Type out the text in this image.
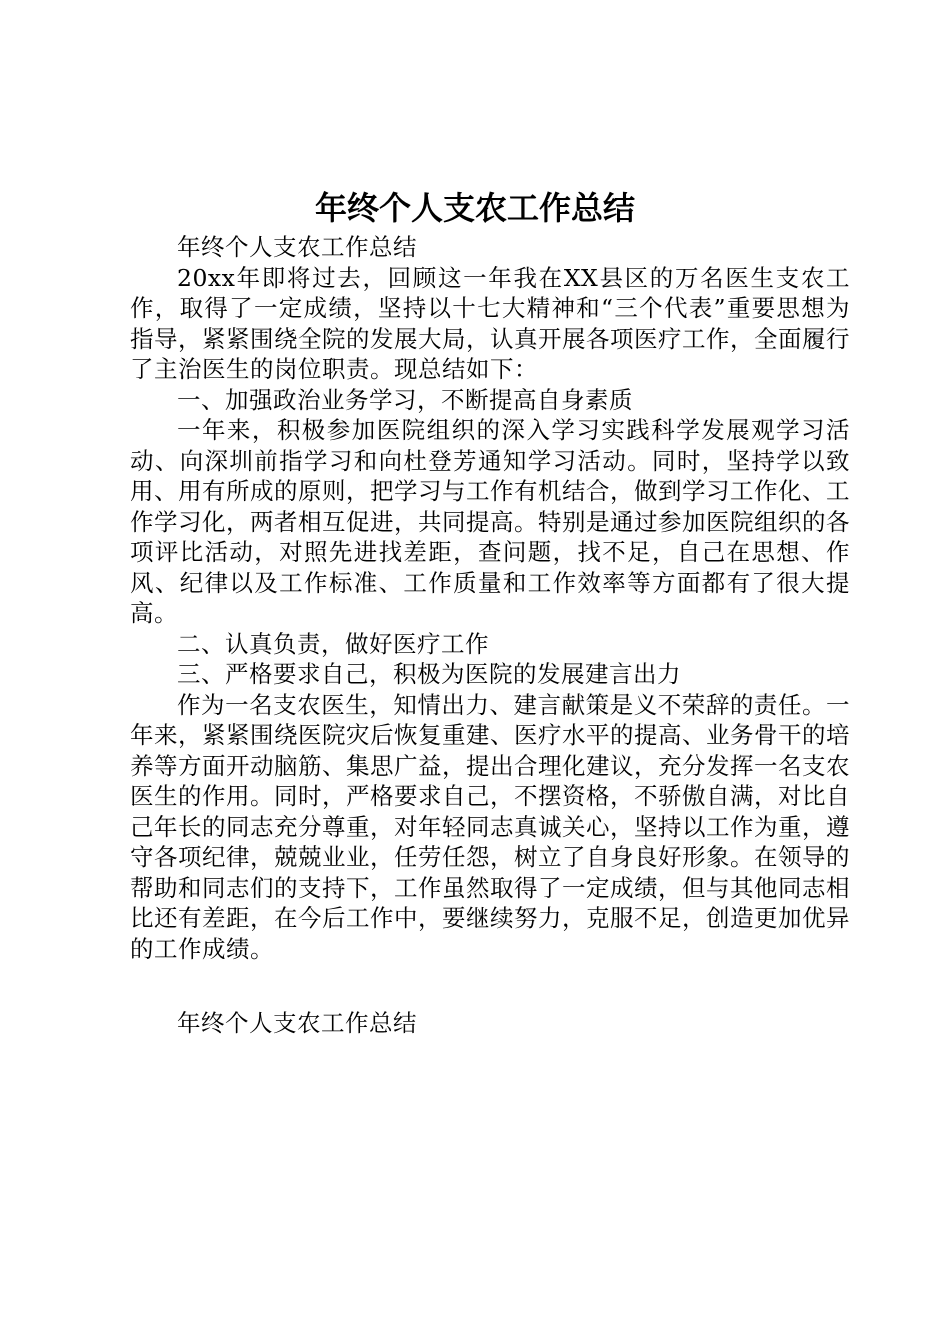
年终个人支农工作总结

年终个人支农工作总结

20xx年即将过去，回顾这一年我在XX县区的万名医生支农工作，取得了一定成绩，坚持以十七大精神和“三个代表”重要思想为指导，紧紧围绕全院的发展大局，认真开展各项医疗工作，全面履行了主治医生的岗位职责。现总结如下：

一、加强政治业务学习，不断提高自身素质

一年来，积极参加医院组织的深入学习实践科学发展观学习活动、向深圳前指学习和向杜登芳通知学习活动。同时，坚持学以致用、用有所成的原则，把学习与工作有机结合，做到学习工作化、工作学习化，两者相互促进，共同提高。特别是通过参加医院组织的各项评比活动，对照先进找差距，查问题，找不足，自己在思想、作风、纪律以及工作标准、工作质量和工作效率等方面都有了很大提高。

二、认真负责，做好医疗工作

三、严格要求自己，积极为医院的发展建言出力

作为一名支农医生，知情出力、建言献策是义不荣辞的责任。一年来，紧紧围绕医院灾后恢复重建、医疗水平的提高、业务骨干的培养等方面开动脑筋、集思广益，提出合理化建议，充分发挥一名支农医生的作用。同时，严格要求自己，不摆资格，不骄傲自满，对比自己年长的同志充分尊重，对年轻同志真诚关心，坚持以工作为重，遵守各项纪律，兢兢业业，任劳任怨，树立了自身良好形象。在领导的帮助和同志们的支持下，工作虽然取得了一定成绩，但与其他同志相比还有差距，在今后工作中，要继续努力，克服不足，创造更加优异的工作成绩。

年终个人支农工作总结
